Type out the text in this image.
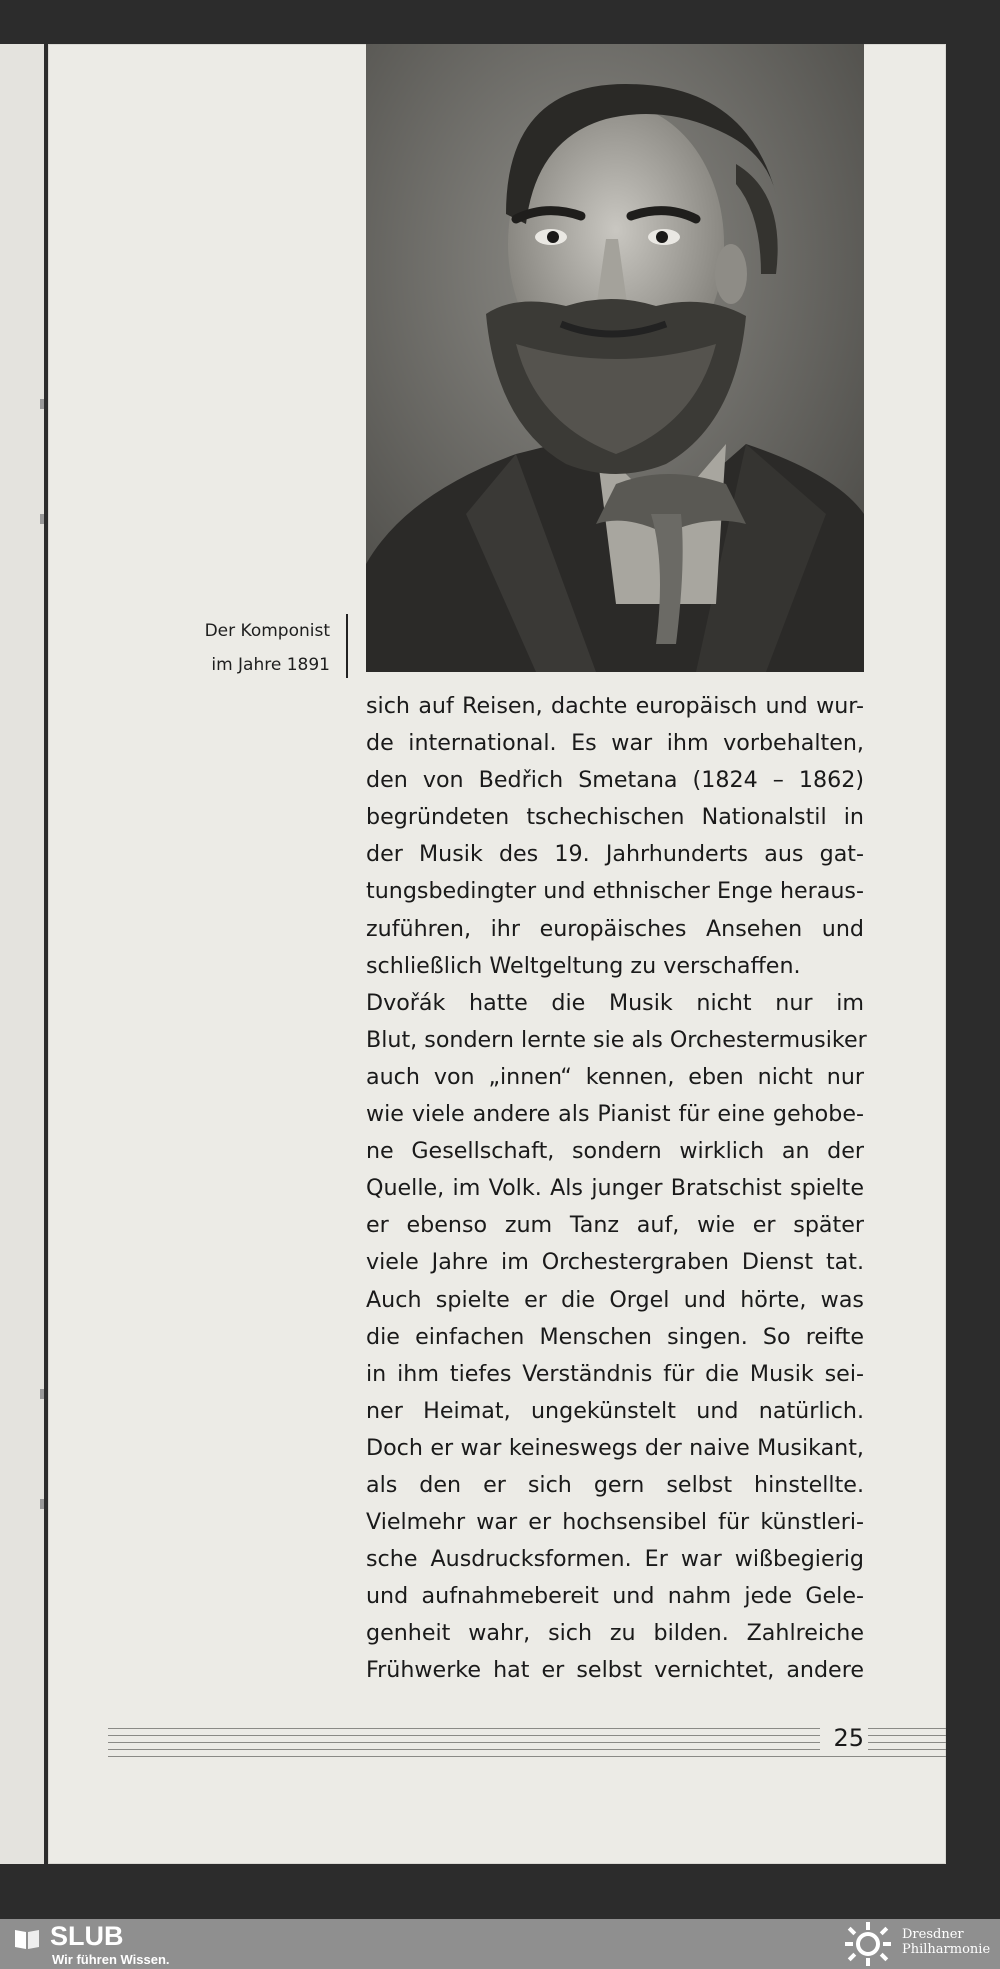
Der Komponist
im Jahre 1891
sich auf Reisen, dachte europäisch und wur-
de international. Es war ihm vorbehalten,
den von Bedřich Smetana (1824 – 1862)
begründeten tschechischen Nationalstil in
der Musik des 19. Jahrhunderts aus gat-
tungsbedingter und ethnischer Enge heraus-
zuführen, ihr europäisches Ansehen und
schließlich Weltgeltung zu verschaffen.
Dvořák hatte die Musik nicht nur im
Blut, sondern lernte sie als Orchestermusiker
auch von „innen“ kennen, eben nicht nur
wie viele andere als Pianist für eine gehobe-
ne Gesellschaft, sondern wirklich an der
Quelle, im Volk. Als junger Bratschist spielte
er ebenso zum Tanz auf, wie er später
viele Jahre im Orchestergraben Dienst tat.
Auch spielte er die Orgel und hörte, was
die einfachen Menschen singen. So reifte
in ihm tiefes Verständnis für die Musik sei-
ner Heimat, ungekünstelt und natürlich.
Doch er war keineswegs der naive Musikant,
als den er sich gern selbst hinstellte.
Vielmehr war er hochsensibel für künstleri-
sche Ausdrucksformen. Er war wißbegierig
und aufnahmebereit und nahm jede Gele-
genheit wahr, sich zu bilden. Zahlreiche
Frühwerke hat er selbst vernichtet, andere
25
SLUB
Wir führen Wissen.
Dresdner
Philharmonie
